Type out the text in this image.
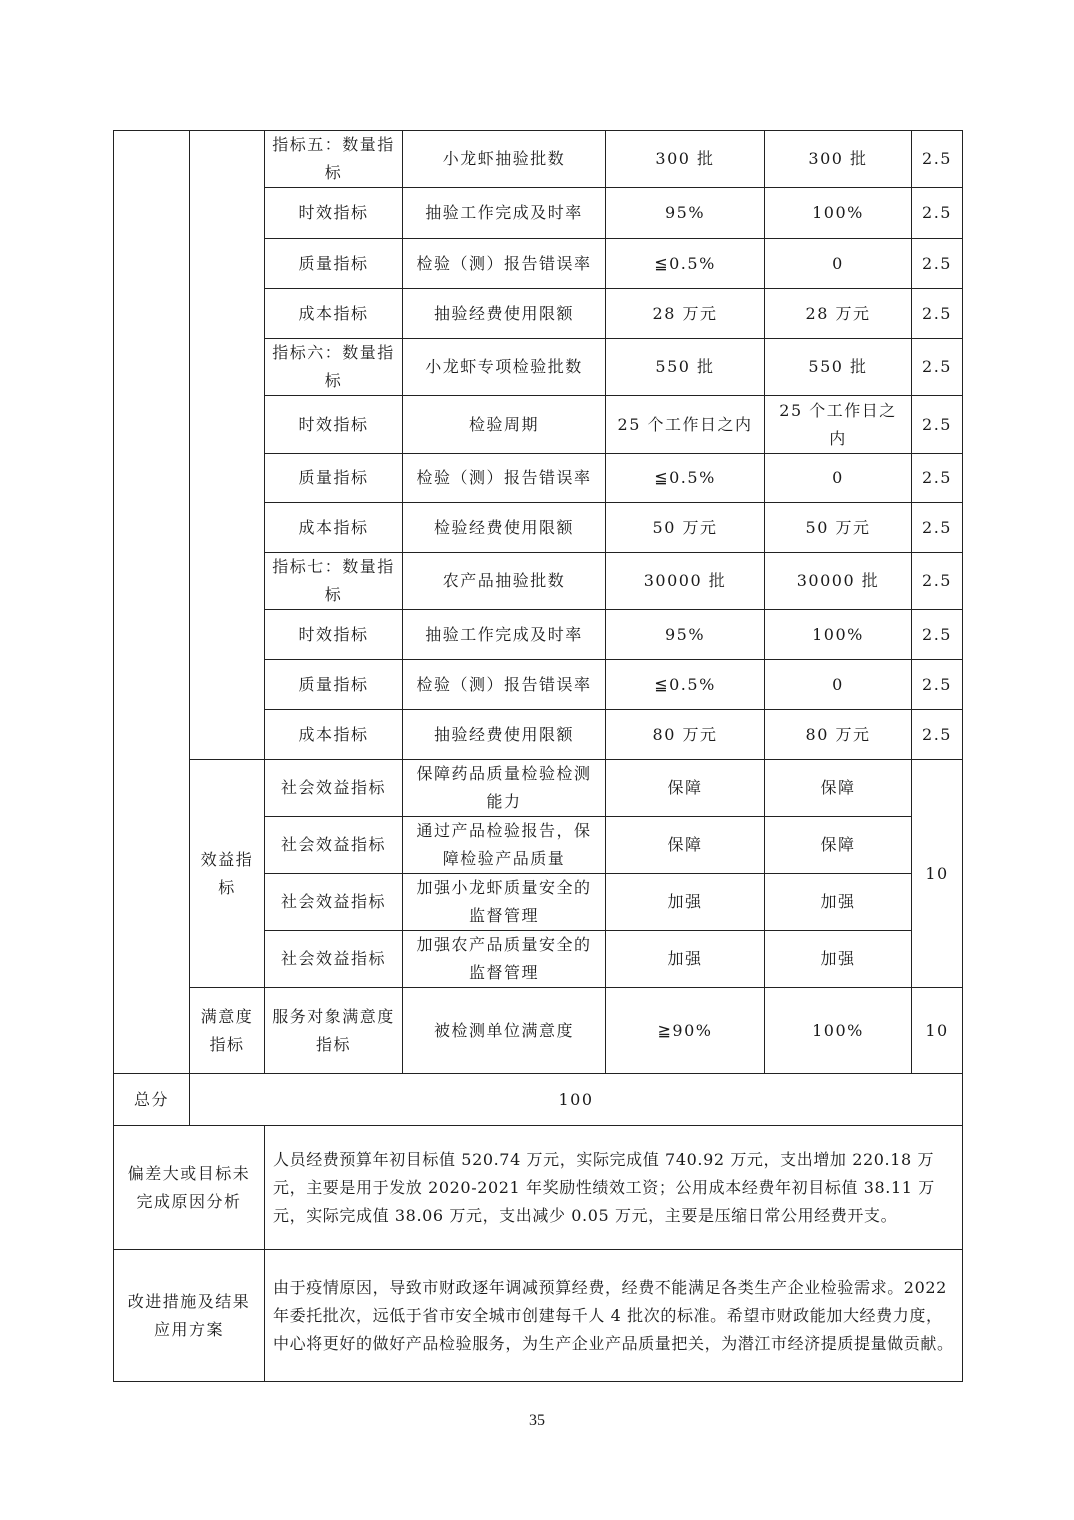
		指标五：数量指标	小龙虾抽验批数	300 批	300 批	2.5
		时效指标	抽验工作完成及时率	95%	100%	2.5
		质量指标	检验（测）报告错误率	≦0.5%	0	2.5
		成本指标	抽验经费使用限额	28 万元	28 万元	2.5
		指标六：数量指标	小龙虾专项检验批数	550 批	550 批	2.5
		时效指标	检验周期	25 个工作日之内	25 个工作日之内	2.5
		质量指标	检验（测）报告错误率	≦0.5%	0	2.5
		成本指标	检验经费使用限额	50 万元	50 万元	2.5
		指标七：数量指标	农产品抽验批数	30000 批	30000 批	2.5
		时效指标	抽验工作完成及时率	95%	100%	2.5
		质量指标	检验（测）报告错误率	≦0.5%	0	2.5
		成本指标	抽验经费使用限额	80 万元	80 万元	2.5
	效益指标	社会效益指标	保障药品质量检验检测能力	保障	保障	10
		社会效益指标	通过产品检验报告，保障检验产品质量	保障	保障	
		社会效益指标	加强小龙虾质量安全的监督管理	加强	加强	
		社会效益指标	加强农产品质量安全的监督管理	加强	加强	
	满意度指标	服务对象满意度指标	被检测单位满意度	≧90%	100%	10
总分	100					
偏差大或目标未完成原因分析		人员经费预算年初目标值 520.74 万元，实际完成值 740.92 万元，支出增加 220.18 万元，主要是用于发放 2020-2021 年奖励性绩效工资；公用成本经费年初目标值 38.11 万元，实际完成值 38.06 万元，支出减少 0.05 万元，主要是压缩日常公用经费开支。				
改进措施及结果应用方案		由于疫情原因，导致市财政逐年调减预算经费，经费不能满足各类生产企业检验需求。2022 年委托批次，远低于省市安全城市创建每千人 4 批次的标准。希望市财政能加大经费力度，中心将更好的做好产品检验服务，为生产企业产品质量把关，为潜江市经济提质提量做贡献。				
35
